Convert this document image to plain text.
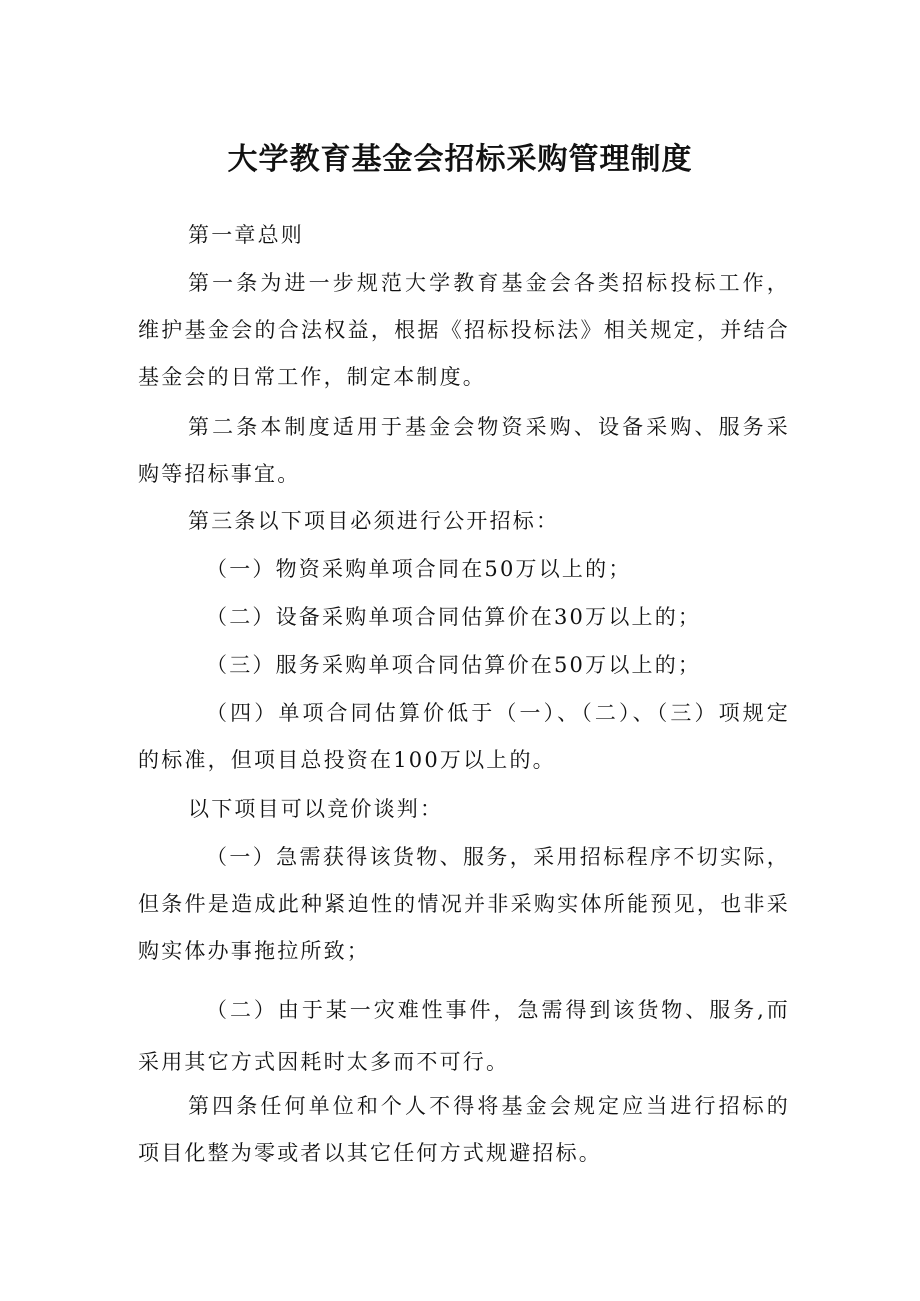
大学教育基金会招标采购管理制度

第一章总则

第一条为进一步规范大学教育基金会各类招标投标工作，维护基金会的合法权益，根据《招标投标法》相关规定，并结合基金会的日常工作，制定本制度。

第二条本制度适用于基金会物资采购、设备采购、服务采购等招标事宜。

第三条以下项目必须进行公开招标：

（一）物资采购单项合同在50万以上的；

（二）设备采购单项合同估算价在30万以上的；

（三）服务采购单项合同估算价在50万以上的；

（四）单项合同估算价低于（一）、（二）、（三）项规定的标准，但项目总投资在100万以上的。

以下项目可以竞价谈判：

（一）急需获得该货物、服务，采用招标程序不切实际，但条件是造成此种紧迫性的情况并非采购实体所能预见，也非采购实体办事拖拉所致；

（二）由于某一灾难性事件，急需得到该货物、服务,而采用其它方式因耗时太多而不可行。

第四条任何单位和个人不得将基金会规定应当进行招标的项目化整为零或者以其它任何方式规避招标。
